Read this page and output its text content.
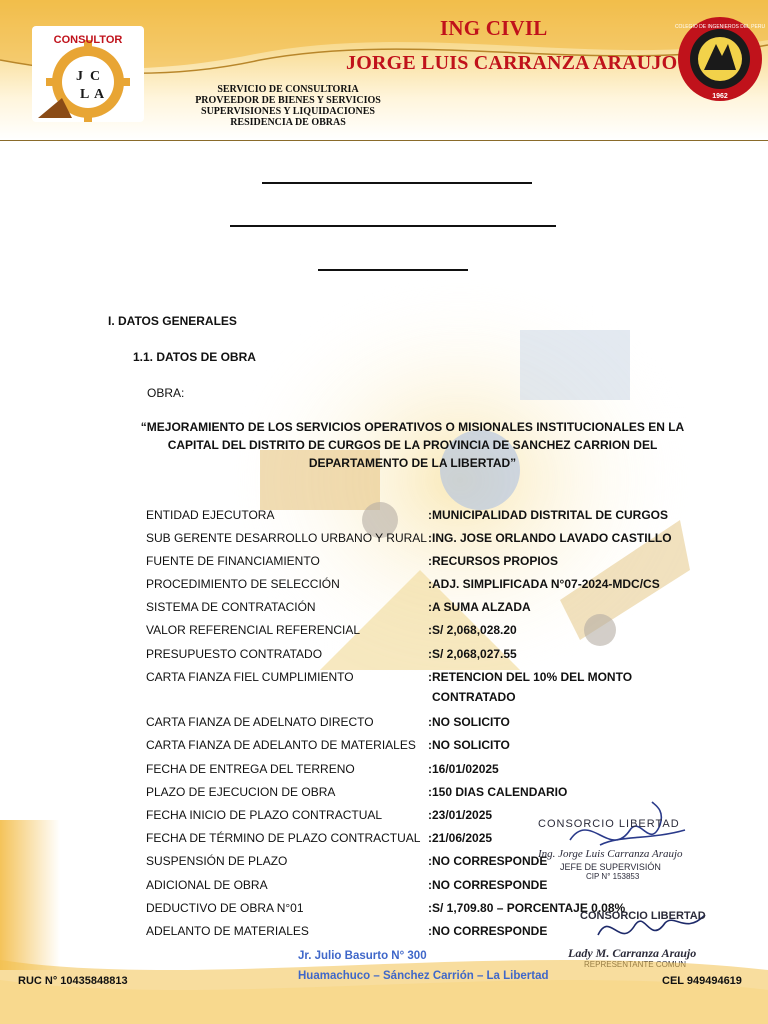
CONSULTOR
J C
L A
ING CIVIL
JORGE LUIS CARRANZA ARAUJO
SERVICIO DE CONSULTORIA
PROVEEDOR DE BIENES Y SERVICIOS
SUPERVISIONES Y LIQUIDACIONES
RESIDENCIA DE OBRAS
COLEGIO DE INGENIEROS DEL PERU
1962
I. DATOS GENERALES
1.1. DATOS DE OBRA
OBRA:
“MEJORAMIENTO DE LOS SERVICIOS OPERATIVOS O MISIONALES INSTITUCIONALES EN LA CAPITAL DEL DISTRITO DE CURGOS DE LA PROVINCIA DE SANCHEZ CARRION DEL DEPARTAMENTO DE LA LIBERTAD”
ENTIDAD EJECUTORA	:MUNICIPALIDAD DISTRITAL DE CURGOS
SUB GERENTE DESARROLLO URBANO Y RURAL :ING. JOSE ORLANDO LAVADO CASTILLO
FUENTE DE FINANCIAMIENTO	:RECURSOS PROPIOS
PROCEDIMIENTO DE SELECCIÓN	:ADJ. SIMPLIFICADA N°07-2024-MDC/CS
SISTEMA DE CONTRATACIÓN	:A SUMA ALZADA
VALOR REFERENCIAL REFERENCIAL	:S/ 2,068,028.20
PRESUPUESTO CONTRATADO	:S/ 2,068,027.55
CARTA FIANZA FIEL CUMPLIMIENTO	:RETENCION DEL 10% DEL MONTO
CONTRATADO
CARTA FIANZA DE ADELNATO DIRECTO	:NO SOLICITO
CARTA FIANZA DE ADELANTO DE MATERIALES :NO SOLICITO
FECHA DE ENTREGA DEL TERRENO	:16/01/02025
PLAZO DE EJECUCION DE OBRA	:150 DIAS CALENDARIO
FECHA INICIO DE PLAZO CONTRACTUAL	:23/01/2025
FECHA DE TÉRMINO DE PLAZO CONTRACTUAL :21/06/2025
SUSPENSIÓN DE PLAZO	:NO CORRESPONDE
ADICIONAL DE OBRA	:NO CORRESPONDE
DEDUCTIVO DE OBRA N°01	:S/ 1,709.80 – PORCENTAJE 0.08%
ADELANTO DE MATERIALES	:NO CORRESPONDE
CONSORCIO LIBERTAD
Ing. Jorge Luis Carranza Araujo
JEFE DE SUPERVISIÓN
CIP N° 153853
CONSORCIO LIBERTAD
Lady M. Carranza Araujo
Jr. Julio Basurto N° 300
Huamachuco – Sánchez Carrión – La Libertad
RUC N° 10435848813	CEL 949494619
